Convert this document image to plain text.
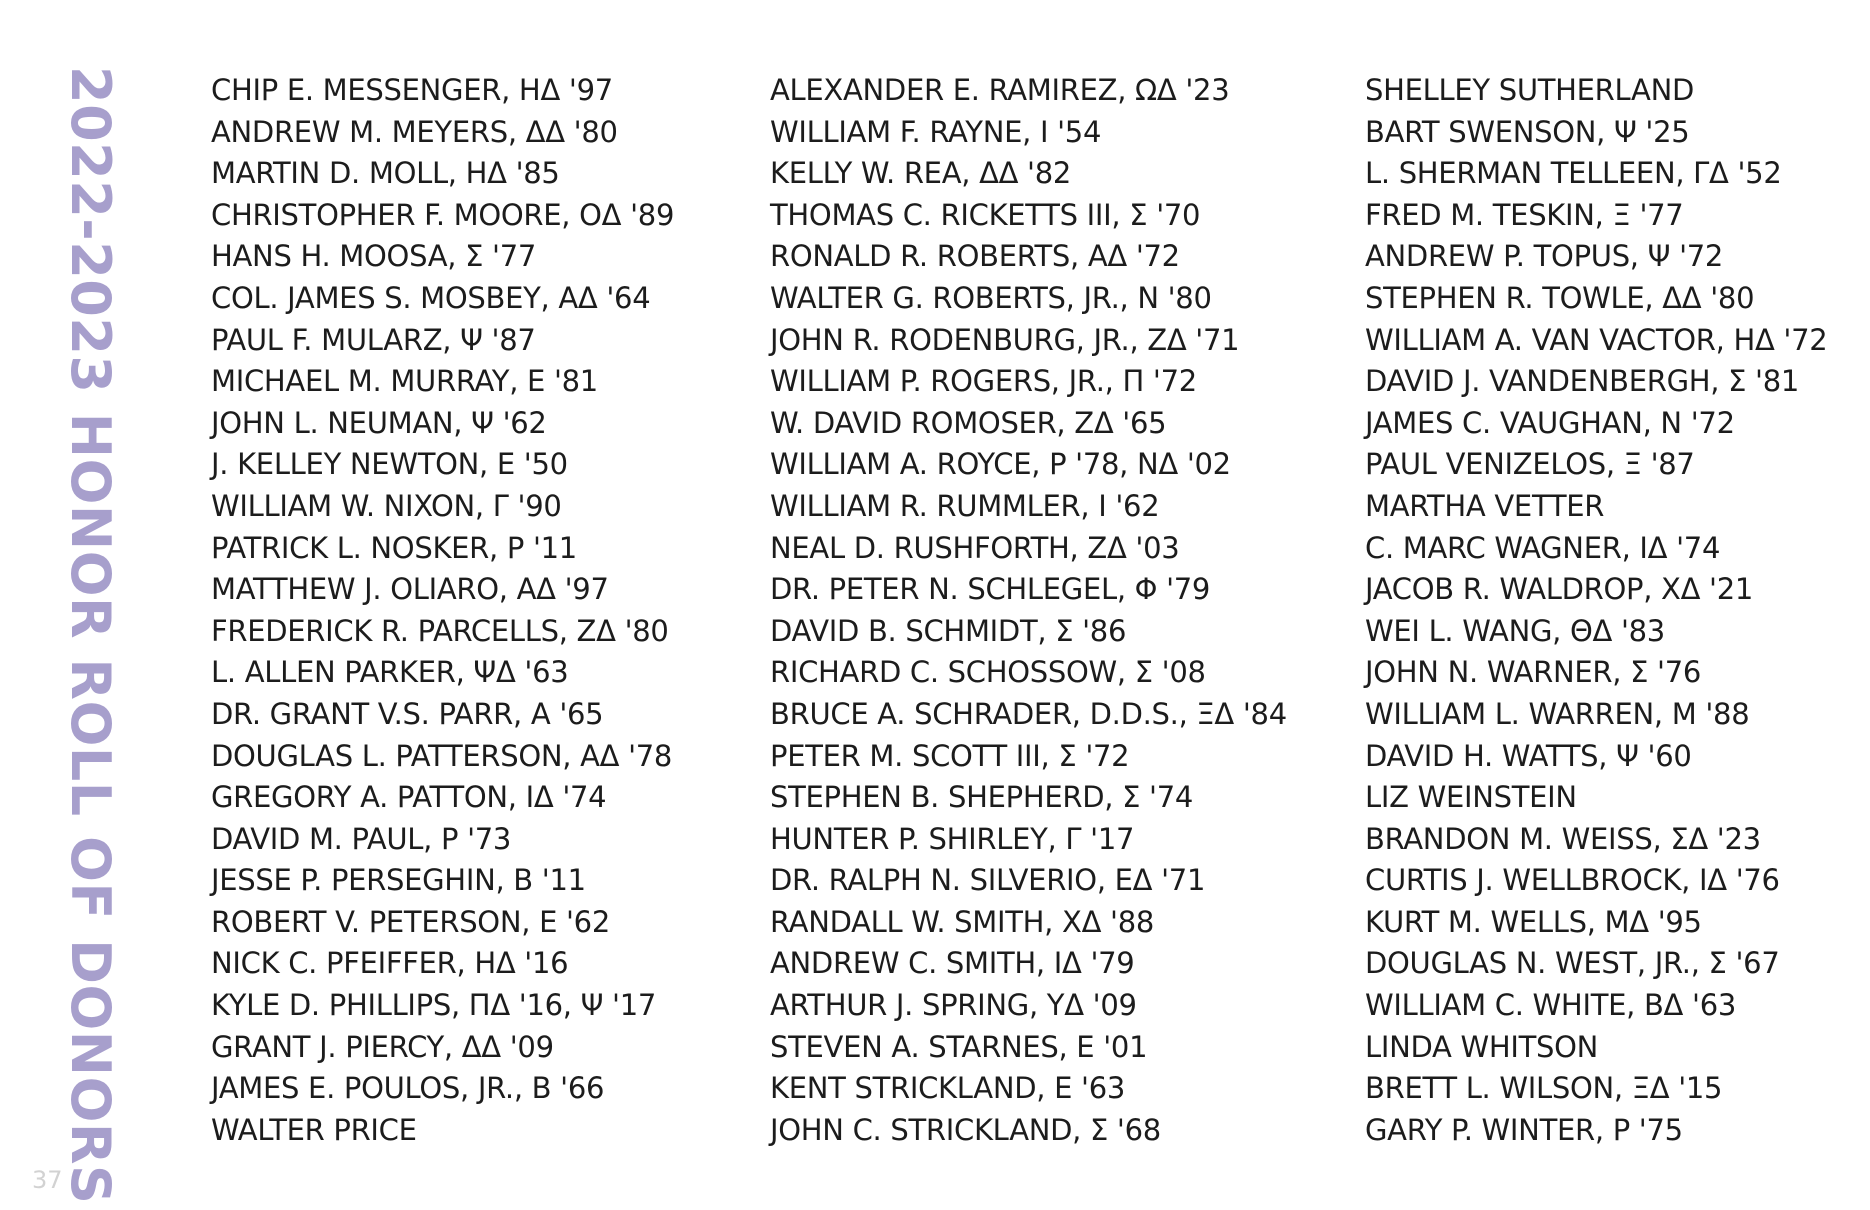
2022-2023 HONOR ROLL OF DONORS
37
CHIP E. MESSENGER, ΗΔ '97
ANDREW M. MEYERS, ΔΔ '80
MARTIN D. MOLL, ΗΔ '85
CHRISTOPHER F. MOORE, ΟΔ '89
HANS H. MOOSA, Σ '77
COL. JAMES S. MOSBEY, ΑΔ '64
PAUL F. MULARZ, Ψ '87
MICHAEL M. MURRAY, Ε '81
JOHN L. NEUMAN, Ψ '62
J. KELLEY NEWTON, Ε '50
WILLIAM W. NIXON, Γ '90
PATRICK L. NOSKER, Ρ '11
MATTHEW J. OLIARO, ΑΔ '97
FREDERICK R. PARCELLS, ΖΔ '80
L. ALLEN PARKER, ΨΔ '63
DR. GRANT V.S. PARR, Α '65
DOUGLAS L. PATTERSON, ΑΔ '78
GREGORY A. PATTON, ΙΔ '74
DAVID M. PAUL, Ρ '73
JESSE P. PERSEGHIN, Β '11
ROBERT V. PETERSON, Ε '62
NICK C. PFEIFFER, ΗΔ '16
KYLE D. PHILLIPS, ΠΔ '16, Ψ '17
GRANT J. PIERCY, ΔΔ '09
JAMES E. POULOS, JR., Β '66
WALTER PRICE
ALEXANDER E. RAMIREZ, ΩΔ '23
WILLIAM F. RAYNE, Ι '54
KELLY W. REA, ΔΔ '82
THOMAS C. RICKETTS III, Σ '70
RONALD R. ROBERTS, ΑΔ '72
WALTER G. ROBERTS, JR., Ν '80
JOHN R. RODENBURG, JR., ΖΔ '71
WILLIAM P. ROGERS, JR., Π '72
W. DAVID ROMOSER, ΖΔ '65
WILLIAM A. ROYCE, Ρ '78, ΝΔ '02
WILLIAM R. RUMMLER, Ι '62
NEAL D. RUSHFORTH, ΖΔ '03
DR. PETER N. SCHLEGEL, Φ '79
DAVID B. SCHMIDT, Σ '86
RICHARD C. SCHOSSOW, Σ '08
BRUCE A. SCHRADER, D.D.S., ΞΔ '84
PETER M. SCOTT III, Σ '72
STEPHEN B. SHEPHERD, Σ '74
HUNTER P. SHIRLEY, Γ '17
DR. RALPH N. SILVERIO, ΕΔ '71
RANDALL W. SMITH, ΧΔ '88
ANDREW C. SMITH, ΙΔ '79
ARTHUR J. SPRING, ΥΔ '09
STEVEN A. STARNES, Ε '01
KENT STRICKLAND, Ε '63
JOHN C. STRICKLAND, Σ '68
SHELLEY SUTHERLAND
BART SWENSON, Ψ '25
L. SHERMAN TELLEEN, ΓΔ '52
FRED M. TESKIN, Ξ '77
ANDREW P. TOPUS, Ψ '72
STEPHEN R. TOWLE, ΔΔ '80
WILLIAM A. VAN VACTOR, ΗΔ '72
DAVID J. VANDENBERGH, Σ '81
JAMES C. VAUGHAN, Ν '72
PAUL VENIZELOS, Ξ '87
MARTHA VETTER
C. MARC WAGNER, ΙΔ '74
JACOB R. WALDROP, ΧΔ '21
WEI L. WANG, ΘΔ '83
JOHN N. WARNER, Σ '76
WILLIAM L. WARREN, Μ '88
DAVID H. WATTS, Ψ '60
LIZ WEINSTEIN
BRANDON M. WEISS, ΣΔ '23
CURTIS J. WELLBROCK, ΙΔ '76
KURT M. WELLS, ΜΔ '95
DOUGLAS N. WEST, JR., Σ '67
WILLIAM C. WHITE, ΒΔ '63
LINDA WHITSON
BRETT L. WILSON, ΞΔ '15
GARY P. WINTER, Ρ '75
